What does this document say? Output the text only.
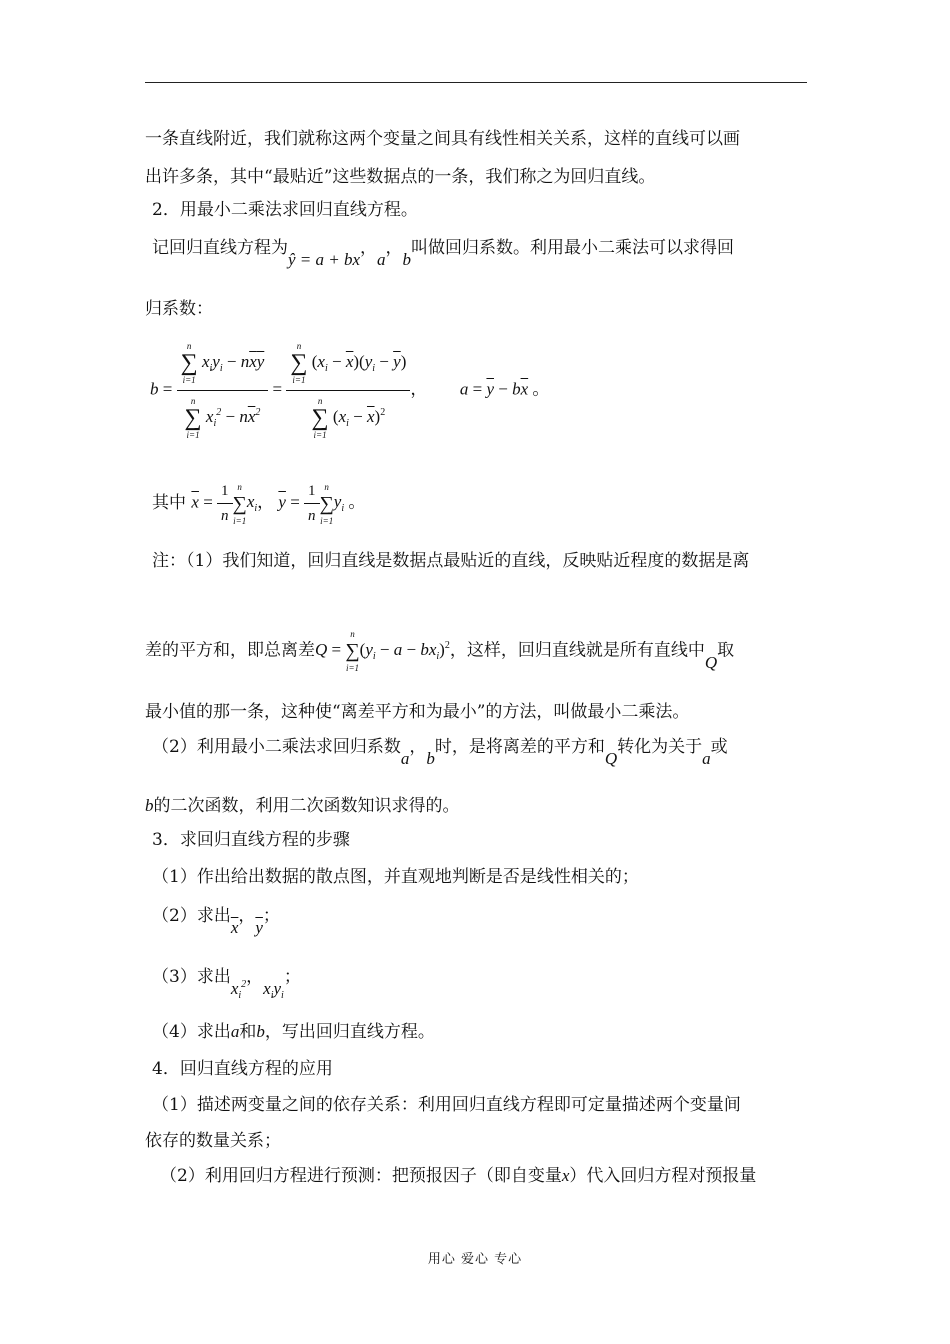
一条直线附近，我们就称这两个变量之间具有线性相关关系，这样的直线可以画
出许多条，其中“最贴近”这些数据点的一条，我们称之为回归直线。
2．用最小二乘法求回归直线方程。
记回归直线方程为ŷ = a + bx，a，b叫做回归系数。利用最小二乘法可以求得回
归系数：
b = n
∑
i=1
$x_iy_i - n\overline{x}\overline{y}$
n
∑
i=1
$x_i^2 - n\overline{x}^2 = n$
∑
i=1
$(x_i - \overline{x})(y_i - \overline{y})$
n
∑
i=1
$(x_i - \overline{x})^2$ ，  $a = \overline{y} - b\overline{x}$ 。
其中 $\overline{x} = \frac{1}{n}$ n
∑
i=1
$x_i$， $\overline{y} = \frac{1}{n}$ n
∑
i=1
$y_i$ 。
注：（1）我们知道，回归直线是数据点最贴近的直线，反映贴近程度的数据是离
差的平方和，即总离差Q =
n
∑
i=1
$(y_i - a - bx_i)^2$，这样，回归直线就是所有直线中Q取
最小值的那一条，这种使“离差平方和为最小”的方法，叫做最小二乘法。
（2）利用最小二乘法求回归系数a，b时，是将离差的平方和Q转化为关于a或
b的二次函数，利用二次函数知识求得的。
3．求回归直线方程的步骤
（1）作出给出数据的散点图，并直观地判断是否是线性相关的；
（2）求出$\overline{x}$，$\overline{y}$；
（3）求出$x_i^2$，$x_iy_i$；
（4）求出a和b，写出回归直线方程。
4．回归直线方程的应用
（1）描述两变量之间的依存关系：利用回归直线方程即可定量描述两个变量间
依存的数量关系；
（2）利用回归方程进行预测：把预报因子（即自变量x）代入回归方程对预报量
用心 爱心 专心
